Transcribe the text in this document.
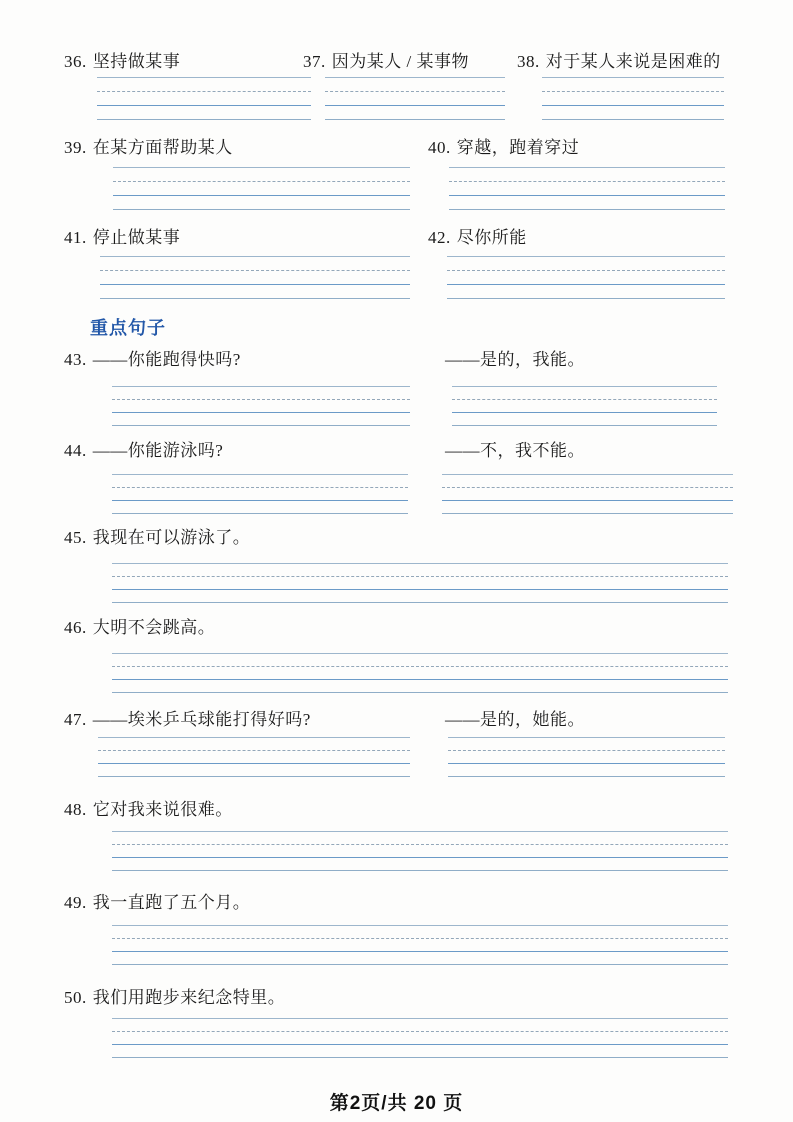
36. 坚持做某事	37. 因为某人 / 某事物	38. 对于某人来说是困难的
39. 在某方面帮助某人	40. 穿越，跑着穿过
41. 停止做某事	42. 尽你所能
重点句子
43. ——你能跑得快吗?	——是的，我能。
44. ——你能游泳吗?	——不，我不能。
45. 我现在可以游泳了。
46. 大明不会跳高。
47. ——埃米乒乓球能打得好吗?	——是的，她能。
48. 它对我来说很难。
49. 我一直跑了五个月。
50. 我们用跑步来纪念特里。
第2页/共 20 页
